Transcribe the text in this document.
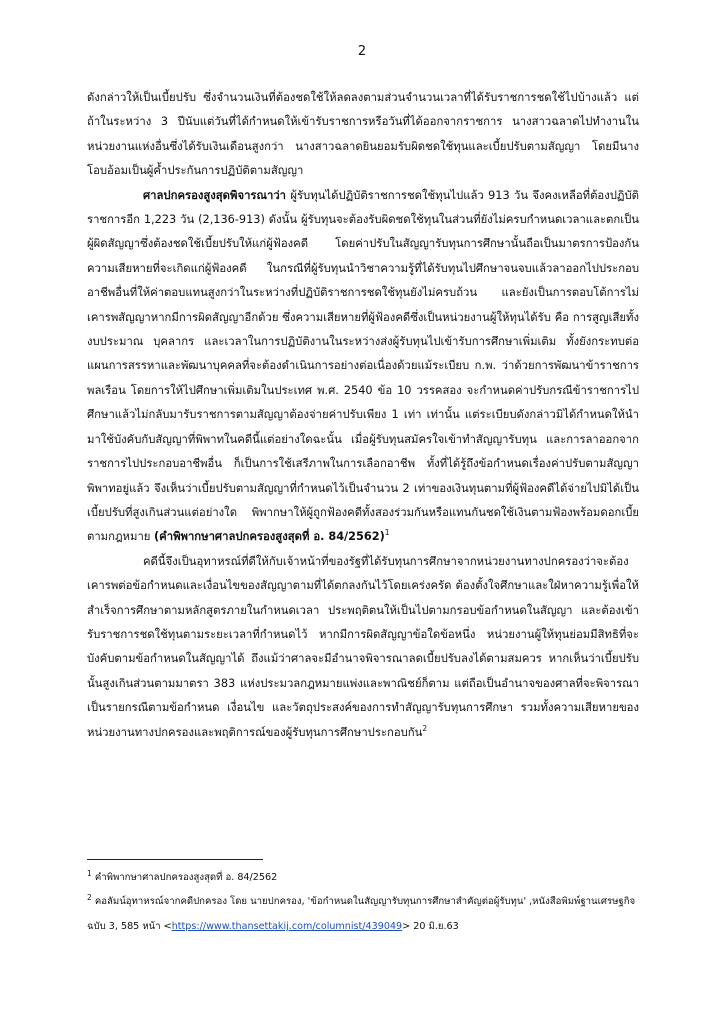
2

ดังกล่าวให้เป็นเบี้ยปรับ ซึ่งจำนวนเงินที่ต้องชดใช้ให้ลดลงตามส่วนจำนวนเวลาที่ได้รับราชการชดใช้ไปบ้างแล้ว แต่ถ้าในระหว่าง 3 ปีนับแต่วันที่ได้กำหนดให้เข้ารับราชการหรือวันที่ได้ออกจากราชการ นางสาวฉลาดไปทำงานในหน่วยงานแห่งอื่นซึ่งได้รับเงินเดือนสูงกว่า นางสาวฉลาดยินยอมรับผิดชดใช้ทุนและเบี้ยปรับตามสัญญา โดยมีนางโอบอ้อมเป็นผู้ค้ำประกันการปฏิบัติตามสัญญา

ศาลปกครองสูงสุดพิจารณาว่า ผู้รับทุนได้ปฏิบัติราชการชดใช้ทุนไปแล้ว 913 วัน จึงคงเหลือที่ต้องปฏิบัติราชการอีก 1,223 วัน (2,136-913) ดังนั้น ผู้รับทุนจะต้องรับผิดชดใช้ทุนในส่วนที่ยังไม่ครบกำหนดเวลาและตกเป็นผู้ผิดสัญญาซึ่งต้องชดใช้เบี้ยปรับให้แก่ผู้ฟ้องคดี โดยค่าปรับในสัญญารับทุนการศึกษานั้นถือเป็นมาตรการป้องกันความเสียหายที่จะเกิดแก่ผู้ฟ้องคดี ในกรณีที่ผู้รับทุนนำวิชาความรู้ที่ได้รับทุนไปศึกษาจนจบแล้วลาออกไปประกอบอาชีพอื่นที่ให้ค่าตอบแทนสูงกว่าในระหว่างที่ปฏิบัติราชการชดใช้ทุนยังไม่ครบถ้วน และยังเป็นการตอบโต้การไม่เคารพสัญญาหากมีการผิดสัญญาอีกด้วย ซึ่งความเสียหายที่ผู้ฟ้องคดีซึ่งเป็นหน่วยงานผู้ให้ทุนได้รับ คือ การสูญเสียทั้งงบประมาณ บุคลากร และเวลาในการปฏิบัติงานในระหว่างส่งผู้รับทุนไปเข้ารับการศึกษาเพิ่มเติม ทั้งยังกระทบต่อแผนการสรรหาและพัฒนาบุคคลที่จะต้องดำเนินการอย่างต่อเนื่องด้วยแม้ระเบียบ ก.พ. ว่าด้วยการพัฒนาข้าราชการพลเรือน โดยการให้ไปศึกษาเพิ่มเติมในประเทศ พ.ศ. 2540 ข้อ 10 วรรคสอง จะกำหนดค่าปรับกรณีข้าราชการไปศึกษาแล้วไม่กลับมารับราชการตามสัญญาต้องจ่ายค่าปรับเพียง 1 เท่า เท่านั้น แต่ระเบียบดังกล่าวมิได้กำหนดให้นำมาใช้บังคับกับสัญญาที่พิพาทในคดีนี้แต่อย่างใดฉะนั้น เมื่อผู้รับทุนสมัครใจเข้าทำสัญญารับทุน และการลาออกจากราชการไปประกอบอาชีพอื่น ก็เป็นการใช้เสรีภาพในการเลือกอาชีพ ทั้งที่ได้รู้ถึงข้อกำหนดเรื่องค่าปรับตามสัญญาพิพาทอยู่แล้ว จึงเห็นว่าเบี้ยปรับตามสัญญาที่กำหนดไว้เป็นจำนวน 2 เท่าของเงินทุนตามที่ผู้ฟ้องคดีได้จ่ายไปมิได้เป็นเบี้ยปรับที่สูงเกินส่วนแต่อย่างใด พิพากษาให้ผู้ถูกฟ้องคดีทั้งสองร่วมกันหรือแทนกันชดใช้เงินตามฟ้องพร้อมดอกเบี้ยตามกฎหมาย (คำพิพากษาศาลปกครองสูงสุดที่ อ. 84/2562)$^1$

คดีนี้จึงเป็นอุทาหรณ์ที่ดีให้กับเจ้าหน้าที่ของรัฐที่ได้รับทุนการศึกษาจากหน่วยงานทางปกครองว่าจะต้องเคารพต่อข้อกำหนดและเงื่อนไขของสัญญาตามที่ได้ตกลงกันไว้โดยเคร่งครัด ต้องตั้งใจศึกษาและใฝ่หาความรู้เพื่อให้สำเร็จการศึกษาตามหลักสูตรภายในกำหนดเวลา ประพฤติตนให้เป็นไปตามกรอบข้อกำหนดในสัญญา และต้องเข้ารับราชการชดใช้ทุนตามระยะเวลาที่กำหนดไว้ หากมีการผิดสัญญาข้อใดข้อหนึ่ง หน่วยงานผู้ให้ทุนย่อมมีสิทธิที่จะบังคับตามข้อกำหนดในสัญญาได้ ถึงแม้ว่าศาลจะมีอำนาจพิจารณาลดเบี้ยปรับลงได้ตามสมควร หากเห็นว่าเบี้ยปรับนั้นสูงเกินส่วนตามมาตรา 383 แห่งประมวลกฎหมายแพ่งและพาณิชย์ก็ตาม แต่ถือเป็นอำนาจของศาลที่จะพิจารณาเป็นรายกรณีตามข้อกำหนด เงื่อนไข และวัตถุประสงค์ของการทำสัญญารับทุนการศึกษา รวมทั้งความเสียหายของหน่วยงานทางปกครองและพฤติการณ์ของผู้รับทุนการศึกษาประกอบกัน$^2$

$^1$ คำพิพากษาศาลปกครองสูงสุดที่ อ. 84/2562

$^2$ คอลัมน์อุทาหรณ์จากคดีปกครอง โดย นายปกครอง, 'ข้อกำหนดในสัญญารับทุนการศึกษาสำคัญต่อผู้รับทุน' ,หนังสือพิมพ์ฐานเศรษฐกิจ ฉบับ 3, 585 หน้า <https://www.thansettakij.com/columnist/439049> 20 มิ.ย.63
